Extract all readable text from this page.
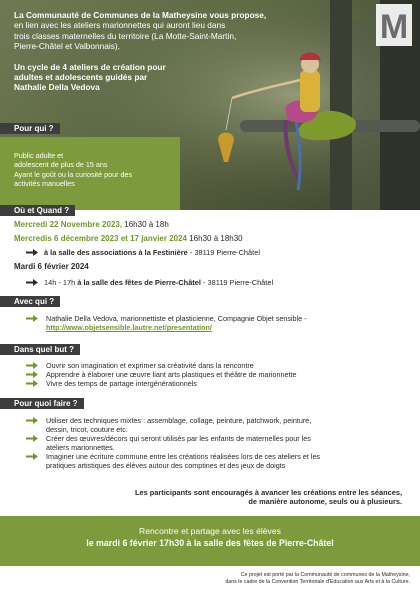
La Communauté de Communes de la Matheysine vous propose,
en lien avec les ateliers marionnettes qui auront lieu dans
trois classes maternelles du territoire (La Motte-Saint-Martin,
Pierre-Châtel et Valbonnais),

Un cycle de 4 ateliers de création pour
adultes et adolescents guidés par
Nathalie Della Vedova

M
Pour qui ?
Public adulte et
adolescent de plus de 15 ans
Ayant le goût ou la curiosité pour des
activités manuelles
Où et Quand ?
Mercredi 22 Novembre 2023, 16h30 à 18h
Mercredis 6 décembre 2023 et 17 janvier 2024 16h30 à 18h30
à la salle des associations à la Festinière - 38119 Pierre-Châtel
Mardi 6 février 2024
14h - 17h à la salle des fêtes de Pierre-Châtel - 38119 Pierre-Châtel
Avec qui ?
Nathalie Della Vedova, marionnettiste et plasticienne, Compagnie Objet sensible -
http://www.objetsensible.lautre.net/presentation/
Dans quel but ?
Ouvrir son imagination et exprimer sa créativité dans la rencontre
Apprendre à élaborer une œuvre liant arts plastiques et théâtre de marionnette
Vivre des temps de partage intergénérationnels
Pour quoi faire ?
Utiliser des techniques mixtes : assemblage, collage, peinture, patchwork, peinture,
dessin, tricot, couture etc.
Créer des œuvres/décors qui seront utilisés par les enfants de maternelles pour les
ateliers marionnettes.
Imaginer une écriture commune entre les créations réalisées lors de ces ateliers et les
pratiques artistiques des élèves autour des comptines et des jeux de doigts
Les participants sont encouragés à avancer les créations entre les séances,
de manière autonome, seuls ou à plusieurs.
Rencontre et partage avec les élèves
le mardi 6 février 17h30 à la salle des fêtes de Pierre-Châtel
Ce projet est porté par la Communauté de communes de la Matheysine,
dans le cadre de la Convention Territoriale d'Education aux Arts et à la Culture.
